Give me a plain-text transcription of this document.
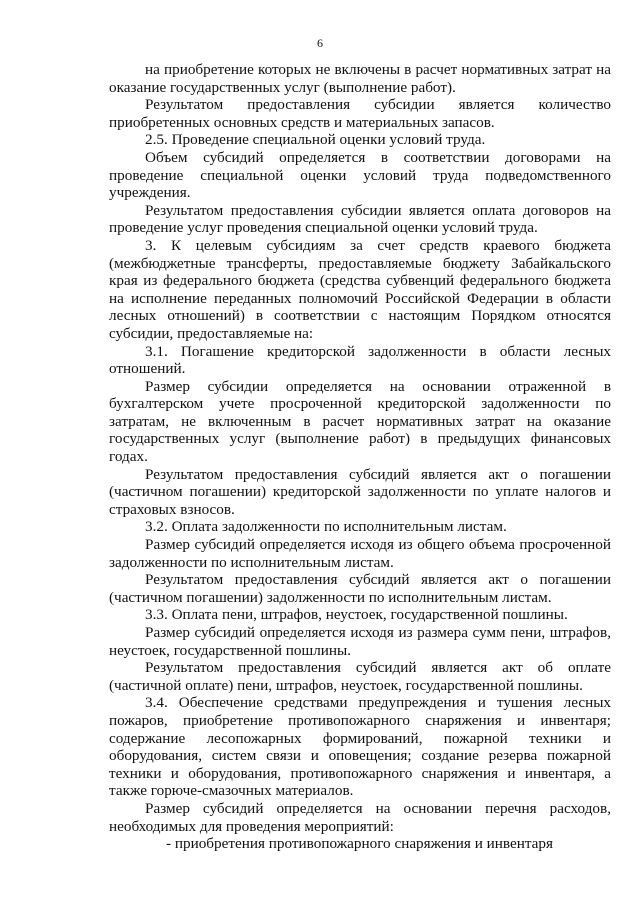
6

на приобретение которых не включены в расчет нормативных затрат на оказание государственных услуг (выполнение работ).

Результатом предоставления субсидии является количество приобретенных основных средств и материальных запасов.

2.5. Проведение специальной оценки условий труда.

Объем субсидий определяется в соответствии договорами на проведение специальной оценки условий труда подведомственного учреждения.

Результатом предоставления субсидии является оплата договоров на проведение услуг проведения специальной оценки условий труда.

3. К целевым субсидиям за счет средств краевого бюджета (межбюджетные трансферты, предоставляемые бюджету Забайкальского края из федерального бюджета (средства субвенций федерального бюджета на исполнение переданных полномочий Российской Федерации в области лесных отношений) в соответствии с настоящим Порядком относятся субсидии, предоставляемые на:

3.1. Погашение кредиторской задолженности в области лесных отношений.

Размер субсидии определяется на основании отраженной в бухгалтерском учете просроченной кредиторской задолженности по затратам, не включенным в расчет нормативных затрат на оказание государственных услуг (выполнение работ) в предыдущих финансовых годах.

Результатом предоставления субсидий является акт о погашении (частичном погашении) кредиторской задолженности по уплате налогов и страховых взносов.

3.2. Оплата задолженности по исполнительным листам.

Размер субсидий определяется исходя из общего объема просроченной задолженности по исполнительным листам.

Результатом предоставления субсидий является акт о погашении (частичном погашении) задолженности по исполнительным листам.

3.3. Оплата пени, штрафов, неустоек, государственной пошлины.

Размер субсидий определяется исходя из размера сумм пени, штрафов, неустоек, государственной пошлины.

Результатом предоставления субсидий является акт об оплате (частичной оплате) пени, штрафов, неустоек, государственной пошлины.

3.4. Обеспечение средствами предупреждения и тушения лесных пожаров, приобретение противопожарного снаряжения и инвентаря; содержание лесопожарных формирований, пожарной техники и оборудования, систем связи и оповещения; создание резерва пожарной техники и оборудования, противопожарного снаряжения и инвентаря, а также горюче-смазочных материалов.

Размер субсидий определяется на основании перечня расходов, необходимых для проведения мероприятий:

- приобретения противопожарного снаряжения и инвентаря
